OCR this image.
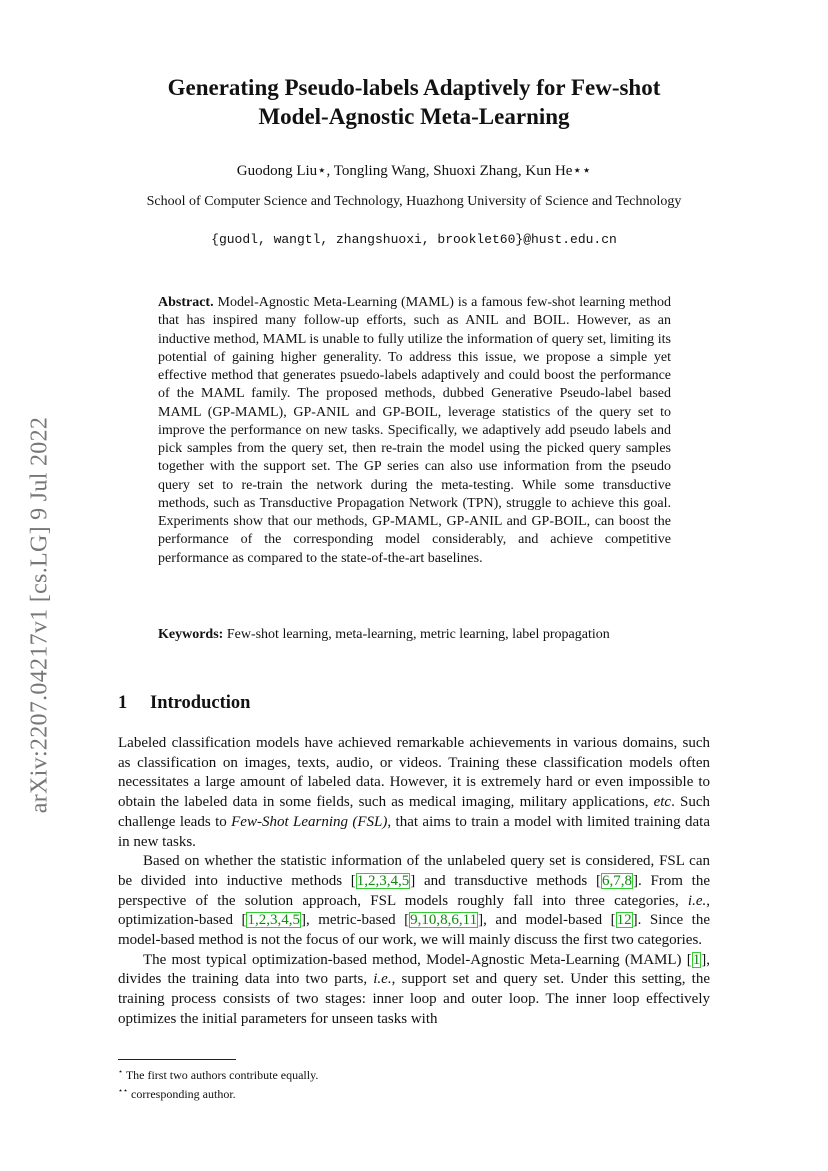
arXiv:2207.04217v1 [cs.LG] 9 Jul 2022
Generating Pseudo-labels Adaptively for Few-shot
Model-Agnostic Meta-Learning
Guodong Liu⋆, Tongling Wang, Shuoxi Zhang, Kun He⋆⋆
School of Computer Science and Technology, Huazhong University of Science and Technology
{guodl, wangtl, zhangshuoxi, brooklet60}@hust.edu.cn
Abstract. Model-Agnostic Meta-Learning (MAML) is a famous few-shot learning method that has inspired many follow-up efforts, such as ANIL and BOIL. However, as an inductive method, MAML is unable to fully utilize the information of query set, limiting its potential of gaining higher generality. To address this issue, we propose a simple yet effective method that generates psuedo-labels adaptively and could boost the performance of the MAML family. The proposed methods, dubbed Generative Pseudo-label based MAML (GP-MAML), GP-ANIL and GP-BOIL, leverage statistics of the query set to improve the performance on new tasks. Specifically, we adaptively add pseudo labels and pick samples from the query set, then re-train the model using the picked query samples together with the support set. The GP series can also use information from the pseudo query set to re-train the network during the meta-testing. While some transductive methods, such as Transductive Propagation Network (TPN), struggle to achieve this goal. Experiments show that our methods, GP-MAML, GP-ANIL and GP-BOIL, can boost the performance of the corresponding model considerably, and achieve competitive performance as compared to the state-of-the-art baselines.
Keywords: Few-shot learning, meta-learning, metric learning, label propagation
1 Introduction

Labeled classification models have achieved remarkable achievements in various domains, such as classification on images, texts, audio, or videos. Training these classification models often necessitates a large amount of labeled data. However, it is extremely hard or even impossible to obtain the labeled data in some fields, such as medical imaging, military applications, etc. Such challenge leads to Few-Shot Learning (FSL), that aims to train a model with limited training data in new tasks.

Based on whether the statistic information of the unlabeled query set is considered, FSL can be divided into inductive methods [1,2,3,4,5] and transductive methods [6,7,8]. From the perspective of the solution approach, FSL models roughly fall into three categories, i.e., optimization-based [1,2,3,4,5], metric-based [9,10,8,6,11], and model-based [12]. Since the model-based method is not the focus of our work, we will mainly discuss the first two categories.

The most typical optimization-based method, Model-Agnostic Meta-Learning (MAML) [1], divides the training data into two parts, i.e., support set and query set. Under this setting, the training process consists of two stages: inner loop and outer loop. The inner loop effectively optimizes the initial parameters for unseen tasks with

⋆ The first two authors contribute equally.
⋆⋆ corresponding author.
